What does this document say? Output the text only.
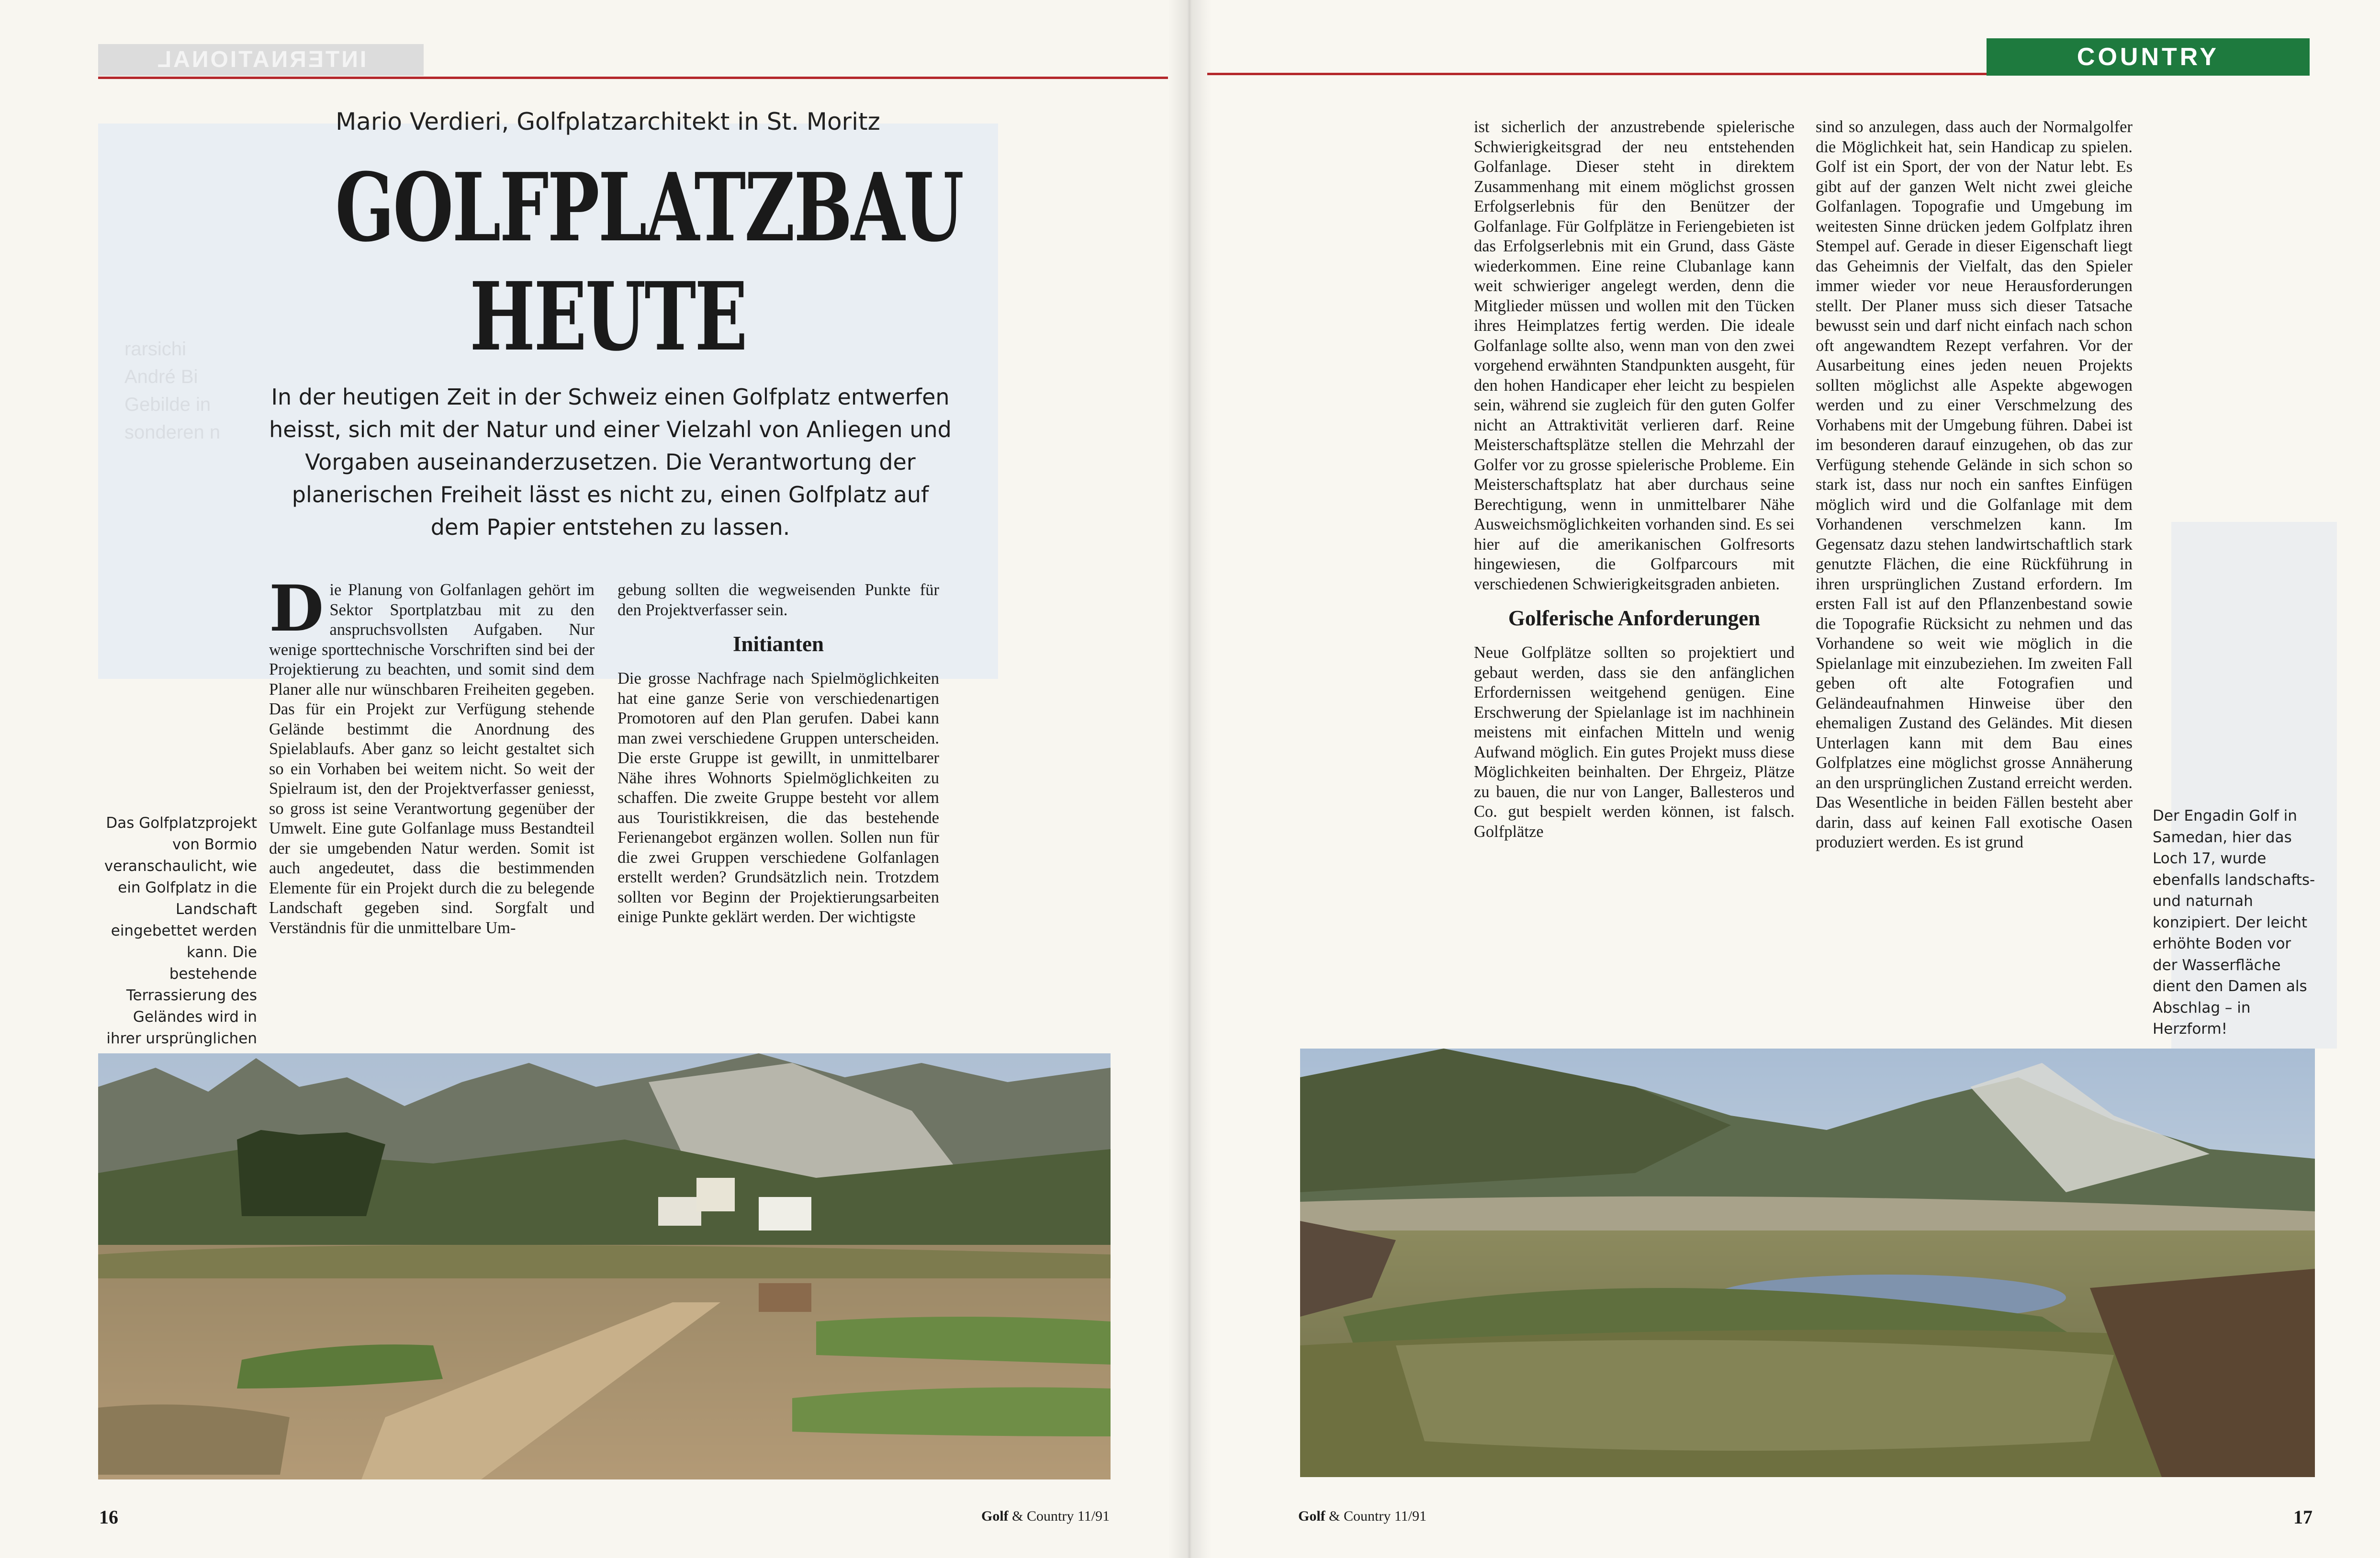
INTERNATIONAL
rarsichi
André Bi
Gebilde in
sonderen n
Mario Verdieri, Golfplatzarchitekt in St. Moritz
GOLFPLATZBAU
HEUTE
In der heutigen Zeit in der Schweiz einen Golfplatz entwerfen heisst, sich mit der Natur und einer Vielzahl von Anliegen und Vorgaben auseinanderzusetzen. Die Verantwortung der planerischen Freiheit lässt es nicht zu, einen Golfplatz auf dem Papier entstehen zu lassen.

Die Planung von Golfanlagen gehört im Sektor Sportplatzbau mit zu den anspruchsvollsten Aufgaben. Nur wenige sporttechnische Vorschriften sind bei der Projektierung zu beachten, und somit sind dem Planer alle nur wünschbaren Freiheiten gegeben. Das für ein Projekt zur Verfügung stehende Gelände bestimmt die Anordnung des Spielablaufs. Aber ganz so leicht gestaltet sich so ein Vorhaben bei weitem nicht. So weit der Spielraum ist, den der Projektverfasser geniesst, so gross ist seine Verantwortung gegenüber der Umwelt. Eine gute Golfanlage muss Bestandteil der sie umgebenden Natur werden. Somit ist auch angedeutet, dass die bestimmenden Elemente für ein Projekt durch die zu belegende Landschaft gegeben sind. Sorgfalt und Verständnis für die unmittelbare Um-

gebung sollten die wegweisenden Punkte für den Projektverfasser sein.

Initianten

Die grosse Nachfrage nach Spielmöglichkeiten hat eine ganze Serie von verschiedenartigen Promotoren auf den Plan gerufen. Dabei kann man zwei verschiedene Gruppen unterscheiden. Die erste Gruppe ist gewillt, in unmittelbarer Nähe ihres Wohnorts Spielmöglichkeiten zu schaffen. Die zweite Gruppe besteht vor allem aus Touristikkreisen, die das bestehende Ferienangebot ergänzen wollen. Sollen nun für die zwei Gruppen verschiedene Golfanlagen erstellt werden? Grundsätzlich nein. Trotzdem sollten vor Beginn der Projektierungsarbeiten einige Punkte geklärt werden. Der wichtigste

Das Golfplatzprojekt von Bormio veranschaulicht, wie ein Golfplatz in die Landschaft eingebettet werden kann. Die bestehende Terrassierung des Geländes wird in ihrer ursprünglichen
16	Golf & Country 11/91

ist sicherlich der anzustrebende spielerische Schwierigkeitsgrad der neu entstehenden Golfanlage. Dieser steht in direktem Zusammenhang mit einem möglichst grossen Erfolgserlebnis für den Benützer der Golfanlage. Für Golfplätze in Feriengebieten ist das Erfolgserlebnis mit ein Grund, dass Gäste wiederkommen. Eine reine Clubanlage kann weit schwieriger angelegt werden, denn die Mitglieder müssen und wollen mit den Tücken ihres Heimplatzes fertig werden. Die ideale Golfanlage sollte also, wenn man von den zwei vorgehend erwähnten Standpunkten ausgeht, für den hohen Handicaper eher leicht zu bespielen sein, während sie zugleich für den guten Golfer nicht an Attraktivität verlieren darf. Reine Meisterschaftsplätze stellen die Mehrzahl der Golfer vor zu grosse spielerische Probleme. Ein Meisterschaftsplatz hat aber durchaus seine Berechtigung, wenn in unmittelbarer Nähe Ausweichsmöglichkeiten vorhanden sind. Es sei hier auf die amerikanischen Golfresorts hingewiesen, die Golfparcours mit verschiedenen Schwierigkeitsgraden anbieten.

Golferische Anforderungen

Neue Golfplätze sollten so projektiert und gebaut werden, dass sie den anfänglichen Erfordernissen weitgehend genügen. Eine Erschwerung der Spielanlage ist im nachhinein meistens mit einfachen Mitteln und wenig Aufwand möglich. Ein gutes Projekt muss diese Möglichkeiten beinhalten. Der Ehrgeiz, Plätze zu bauen, die nur von Langer, Ballesteros und Co. gut bespielt werden können, ist falsch. Golfplätze

sind so anzulegen, dass auch der Normalgolfer die Möglichkeit hat, sein Handicap zu spielen. Golf ist ein Sport, der von der Natur lebt. Es gibt auf der ganzen Welt nicht zwei gleiche Golfanlagen. Topografie und Umgebung im weitesten Sinne drücken jedem Golfplatz ihren Stempel auf. Gerade in dieser Eigenschaft liegt das Geheimnis der Vielfalt, das den Spieler immer wieder vor neue Herausforderungen stellt. Der Planer muss sich dieser Tatsache bewusst sein und darf nicht einfach nach schon oft angewandtem Rezept verfahren. Vor der Ausarbeitung eines jeden neuen Projekts sollten möglichst alle Aspekte abgewogen werden und zu einer Verschmelzung des Vorhabens mit der Umgebung führen. Dabei ist im besonderen darauf einzugehen, ob das zur Verfügung stehende Gelände in sich schon so stark ist, dass nur noch ein sanftes Einfügen möglich wird und die Golfanlage mit dem Vorhandenen verschmelzen kann. Im Gegensatz dazu stehen landwirtschaftlich stark genutzte Flächen, die eine Rückführung in ihren ursprünglichen Zustand erfordern. Im ersten Fall ist auf den Pflanzenbestand sowie die Topografie Rücksicht zu nehmen und das Vorhandene so weit wie möglich in die Spielanlage mit einzubeziehen. Im zweiten Fall geben oft alte Fotografien und Geländeaufnahmen Hinweise über den ehemaligen Zustand des Geländes. Mit diesen Unterlagen kann mit dem Bau eines Golfplatzes eine möglichst grosse Annäherung an den ursprünglichen Zustand erreicht werden. Das Wesentliche in beiden Fällen besteht aber darin, dass auf keinen Fall exotische Oasen produziert werden. Es ist grund

Der Engadin Golf in Samedan, hier das Loch 17, wurde ebenfalls landschafts- und naturnah konzipiert. Der leicht erhöhte Boden vor der Wasserfläche dient den Damen als Abschlag – in Herzform!
COUNTRY
Golf & Country 11/91	17
